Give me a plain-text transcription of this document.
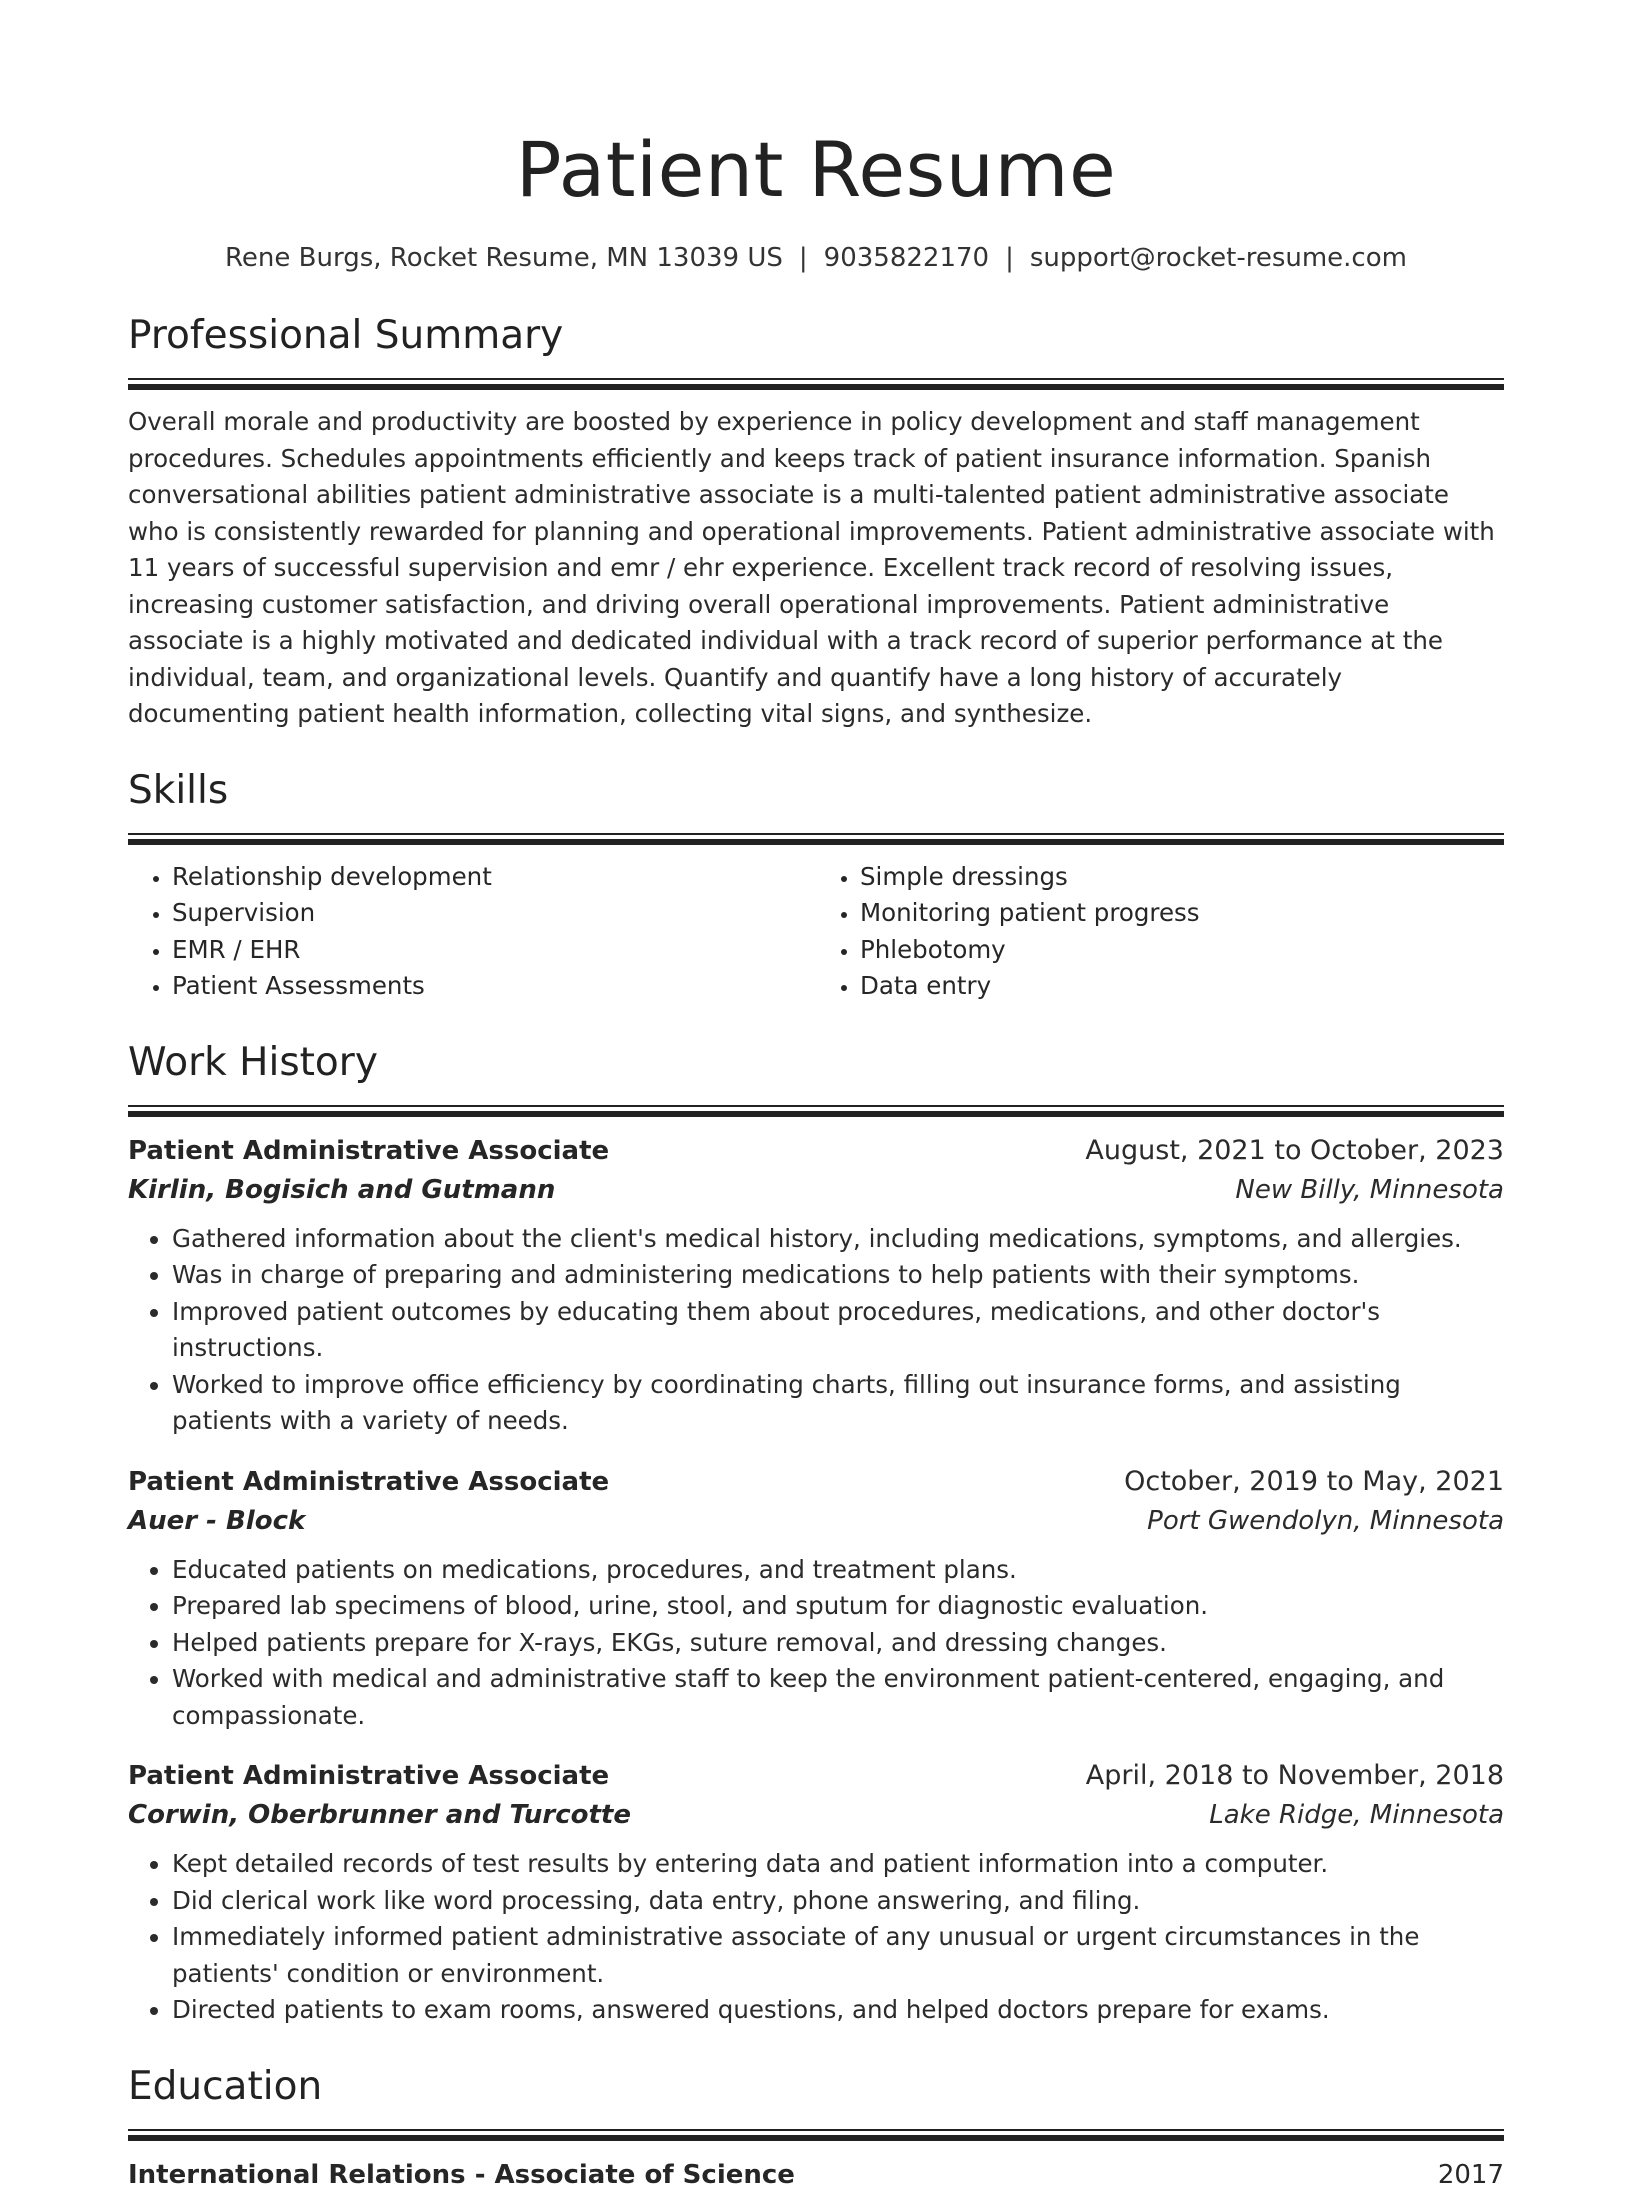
Patient Resume
Rene Burgs, Rocket Resume, MN 13039 US | 9035822170 | support@rocket-resume.com
Professional Summary

Overall morale and productivity are boosted by experience in policy development and staff management procedures. Schedules appointments efficiently and keeps track of patient insurance information. Spanish conversational abilities patient administrative associate is a multi-talented patient administrative associate who is consistently rewarded for planning and operational improvements. Patient administrative associate with 11 years of successful supervision and emr / ehr experience. Excellent track record of resolving issues, increasing customer satisfaction, and driving overall operational improvements. Patient administrative associate is a highly motivated and dedicated individual with a track record of superior performance at the individual, team, and organizational levels. Quantify and quantify have a long history of accurately documenting patient health information, collecting vital signs, and synthesize.

Skills
• Relationship development
• Supervision
• EMR / EHR
• Patient Assessments
• Simple dressings
• Monitoring patient progress
• Phlebotomy
• Data entry
Work History
Patient Administrative Associate	August, 2021 to October, 2023
Kirlin, Bogisich and Gutmann	New Billy, Minnesota
• Gathered information about the client's medical history, including medications, symptoms, and allergies.
• Was in charge of preparing and administering medications to help patients with their symptoms.
• Improved patient outcomes by educating them about procedures, medications, and other doctor's instructions.
• Worked to improve office efficiency by coordinating charts, filling out insurance forms, and assisting patients with a variety of needs.
Patient Administrative Associate	October, 2019 to May, 2021
Auer - Block	Port Gwendolyn, Minnesota
• Educated patients on medications, procedures, and treatment plans.
• Prepared lab specimens of blood, urine, stool, and sputum for diagnostic evaluation.
• Helped patients prepare for X-rays, EKGs, suture removal, and dressing changes.
• Worked with medical and administrative staff to keep the environment patient-centered, engaging, and compassionate.
Patient Administrative Associate	April, 2018 to November, 2018
Corwin, Oberbrunner and Turcotte	Lake Ridge, Minnesota
• Kept detailed records of test results by entering data and patient information into a computer.
• Did clerical work like word processing, data entry, phone answering, and filing.
• Immediately informed patient administrative associate of any unusual or urgent circumstances in the patients' condition or environment.
• Directed patients to exam rooms, answered questions, and helped doctors prepare for exams.
Education
International Relations - Associate of Science	2017
